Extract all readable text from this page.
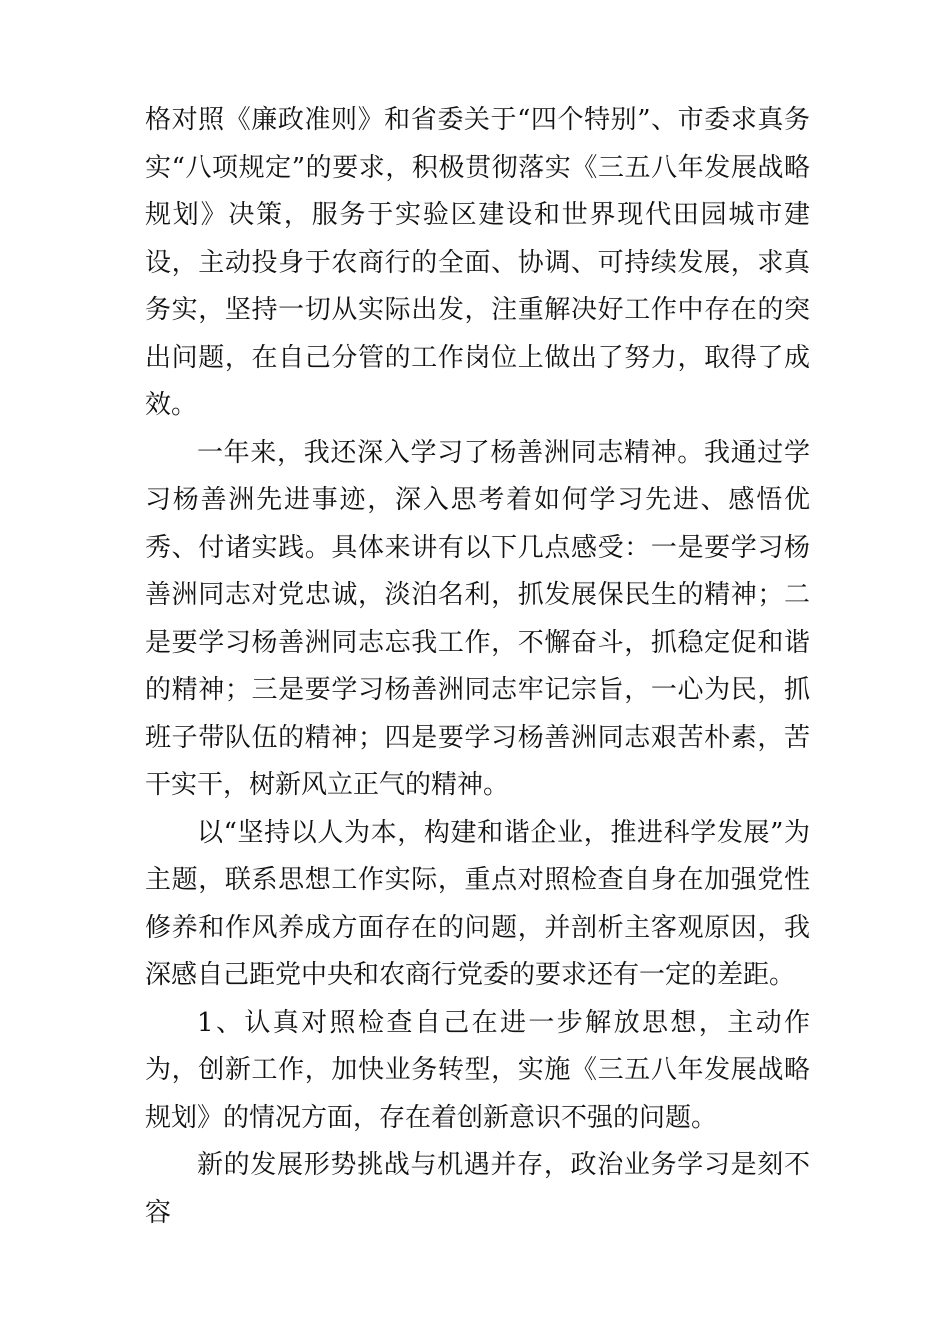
格对照《廉政准则》和省委关于“四个特别”、市委求真务实“八项规定”的要求，积极贯彻落实《三五八年发展战略规划》决策，服务于实验区建设和世界现代田园城市建设，主动投身于农商行的全面、协调、可持续发展，求真务实，坚持一切从实际出发，注重解决好工作中存在的突出问题，在自己分管的工作岗位上做出了努力，取得了成效。

一年来，我还深入学习了杨善洲同志精神。我通过学习杨善洲先进事迹，深入思考着如何学习先进、感悟优秀、付诸实践。具体来讲有以下几点感受：一是要学习杨善洲同志对党忠诚，淡泊名利，抓发展保民生的精神；二是要学习杨善洲同志忘我工作，不懈奋斗，抓稳定促和谐的精神；三是要学习杨善洲同志牢记宗旨，一心为民，抓班子带队伍的精神；四是要学习杨善洲同志艰苦朴素，苦干实干，树新风立正气的精神。

以“坚持以人为本，构建和谐企业，推进科学发展”为主题，联系思想工作实际，重点对照检查自身在加强党性修养和作风养成方面存在的问题，并剖析主客观原因，我深感自己距党中央和农商行党委的要求还有一定的差距。

1、认真对照检查自己在进一步解放思想，主动作为，创新工作，加快业务转型，实施《三五八年发展战略规划》的情况方面，存在着创新意识不强的问题。

新的发展形势挑战与机遇并存，政治业务学习是刻不容
